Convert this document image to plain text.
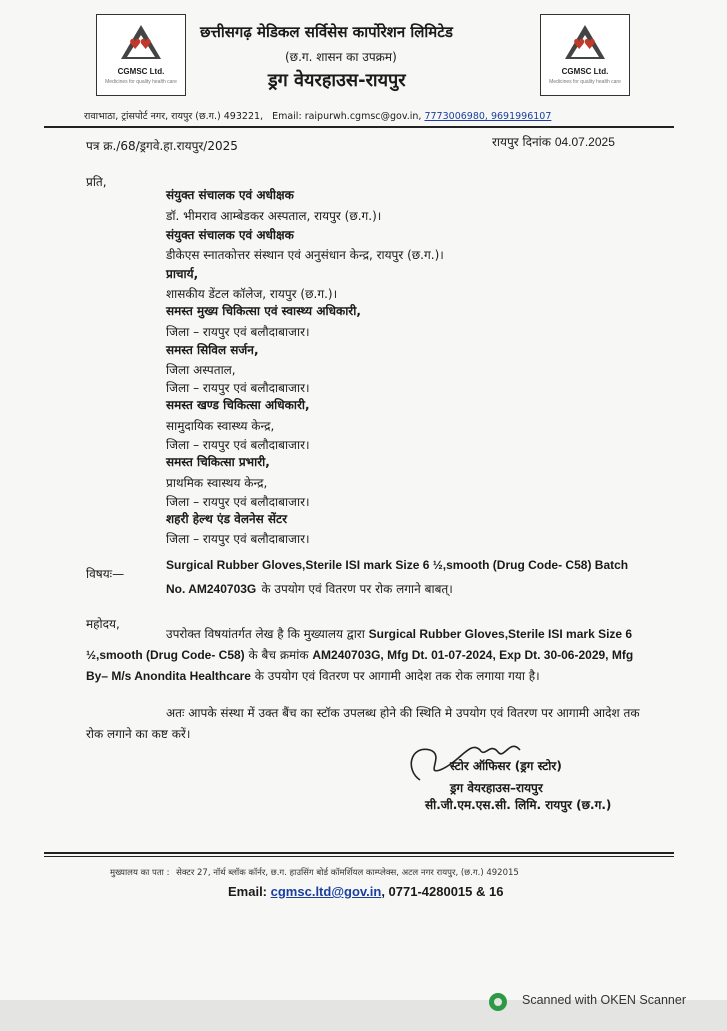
♥♥
CGMSC Ltd.
Medicines for quality health care
♥♥
CGMSC Ltd.
Medicines for quality health care
छत्तीसगढ़ मेडिकल सर्विसेस कार्पोरेशन लिमिटेड
(छ.ग. शासन का उपक्रम)
ड्रग वेयरहाउस-रायपुर
रावाभाठा, ट्रांसपोर्ट नगर, रायपुर (छ.ग.) 493221, Email: raipurwh.cgmsc@gov.in, 7773006980, 9691996107
पत्र क्र./68/ड्रगवे.हा.रायपुर/2025	रायपुर दिनांक 04.07.2025
प्रति,
संयुक्त संचालक एवं अधीक्षक
डॉ. भीमराव आम्बेडकर अस्पताल, रायपुर (छ.ग.)।
संयुक्त संचालक एवं अधीक्षक
डीकेएस स्नातकोत्तर संस्थान एवं अनुसंधान केन्द्र, रायपुर (छ.ग.)।
प्राचार्य,
शासकीय डेंटल कॉलेज, रायपुर (छ.ग.)।
समस्त मुख्य चिकित्सा एवं स्वास्थ्य अधिकारी,
जिला – रायपुर एवं बलौदाबाजार।
समस्त सिविल सर्जन,
जिला अस्पताल,
जिला – रायपुर एवं बलौदाबाजार।
समस्त खण्ड चिकित्सा अधिकारी,
सामुदायिक स्वास्थ्य केन्द्र,
जिला – रायपुर एवं बलौदाबाजार।
समस्त चिकित्सा प्रभारी,
प्राथमिक स्वास्थय केन्द्र,
जिला – रायपुर एवं बलौदाबाजार।
शहरी हेल्थ एंड वेलनेस सेंटर
जिला – रायपुर एवं बलौदाबाजार।
विषयः—
Surgical Rubber Gloves,Sterile ISI mark Size 6 ½,smooth (Drug Code- C58) Batch
No. AM240703G के उपयोग एवं वितरण पर रोक लगाने बाबत्।
महोदय,
उपरोक्त विषयांतर्गत लेख है कि मुख्यालय द्वारा Surgical Rubber Gloves,Sterile ISI mark Size 6 ½,smooth (Drug Code- C58) के बैच क्रमांक AM240703G, Mfg Dt. 01-07-2024, Exp Dt. 30-06-2029, Mfg By– M/s Anondita Healthcare के उपयोग एवं वितरण पर आगामी आदेश तक रोक लगाया गया है।
अतः आपके संस्था में उक्त बैंच का स्टॉक उपलब्ध होने की स्थिति मे उपयोग एवं वितरण पर आगामी आदेश तक रोक लगाने का कष्ट करें।
स्टोर ऑफिसर (ड्रग स्टोर)
ड्रग वेयरहाउस–रायपुर
सी.जी.एम.एस.सी. लिमि. रायपुर (छ.ग.)
मुख्यालय का पता : सेक्टर 27, नॉर्थ ब्लॉक कॉर्नर, छ.ग. हाउसिंग बोर्ड कॉमर्शियल काम्प्लेक्स, अटल नगर रायपुर, (छ.ग.) 492015
Email: cgmsc.ltd@gov.in, 0771-4280015 & 16
Scanned with OKEN Scanner
